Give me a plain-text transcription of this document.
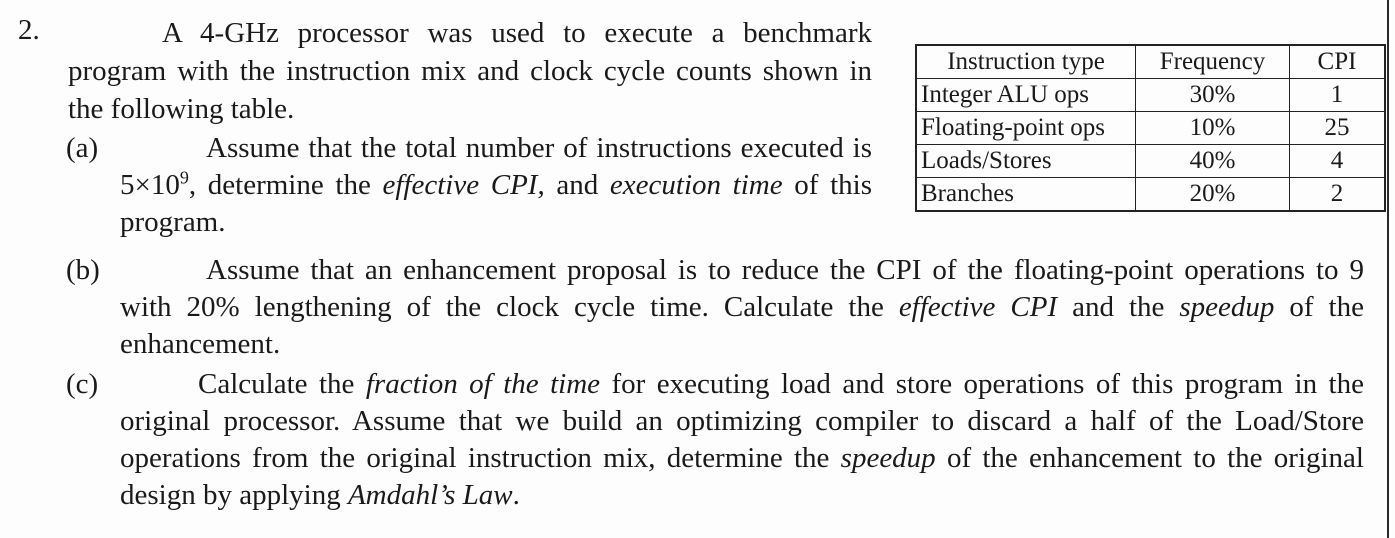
2.	A 4-GHz processor was used to execute a benchmark program with the instruction mix and clock cycle counts shown in the following table.
Instruction type	Frequency	CPI
Integer ALU ops	30%	1
Floating-point ops	10%	25
Loads/Stores	40%	4
Branches	20%	2
(a)	Assume that the total number of instructions executed is $5\times 10^9$, determine the effective CPI, and execution time of this program.
(b)	Assume that an enhancement proposal is to reduce the CPI of the floating-point operations to 9 with 20% lengthening of the clock cycle time. Calculate the effective CPI and the speedup of the enhancement.
(c)	Calculate the fraction of the time for executing load and store operations of this program in the original processor. Assume that we build an optimizing compiler to discard a half of the Load/Store operations from the original instruction mix, determine the speedup of the enhancement to the original design by applying Amdahl’s Law.
